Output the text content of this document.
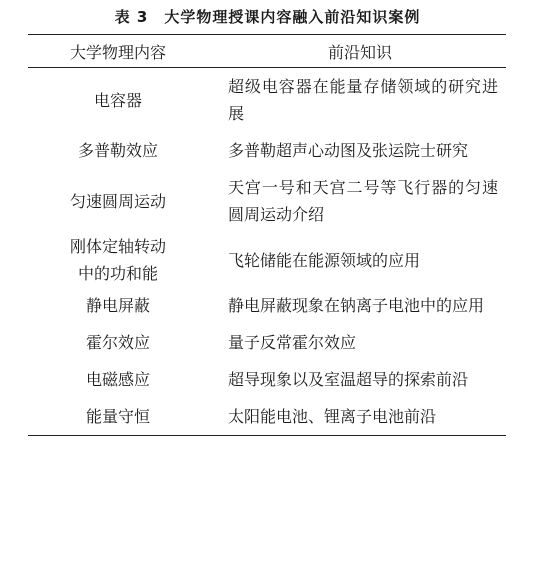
表 3 大学物理授课内容融入前沿知识案例
大学物理内容	前沿知识

电容器	超级电容器在能量存储领域的研究进展

多普勒效应	多普勒超声心动图及张运院士研究

匀速圆周运动	天宫一号和天宫二号等飞行器的匀速圆周运动介绍

刚体定轴转动
中的功和能	飞轮储能在能源领域的应用

静电屏蔽	静电屏蔽现象在钠离子电池中的应用

霍尔效应	量子反常霍尔效应

电磁感应	超导现象以及室温超导的探索前沿

能量守恒	太阳能电池、锂离子电池前沿
